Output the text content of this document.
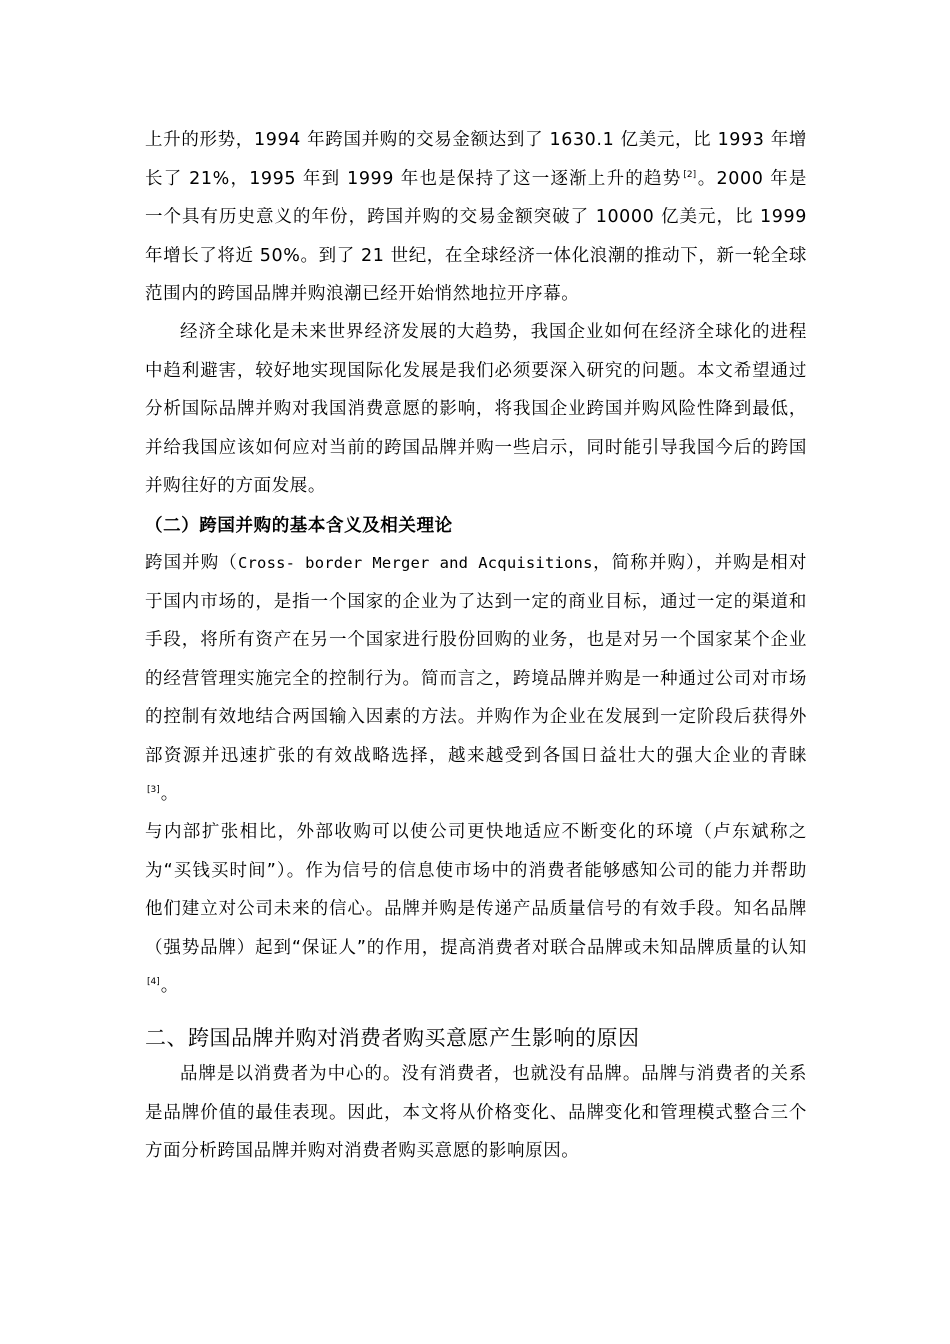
上升的形势，1994 年跨国并购的交易金额达到了 1630.1 亿美元，比 1993 年增长了 21%，1995 年到 1999 年也是保持了这一逐渐上升的趋势 [2]。2000 年是一个具有历史意义的年份，跨国并购的交易金额突破了 10000 亿美元，比 1999 年增长了将近 50%。到了 21 世纪，在全球经济一体化浪潮的推动下，新一轮全球范围内的跨国品牌并购浪潮已经开始悄然地拉开序幕。

经济全球化是未来世界经济发展的大趋势，我国企业如何在经济全球化的进程中趋利避害，较好地实现国际化发展是我们必须要深入研究的问题。本文希望通过分析国际品牌并购对我国消费意愿的影响，将我国企业跨国并购风险性降到最低，并给我国应该如何应对当前的跨国品牌并购一些启示，同时能引导我国今后的跨国并购往好的方面发展。

（二）跨国并购的基本含义及相关理论

跨国并购（Cross- border Merger and Acquisitions，简称并购），并购是相对于国内市场的，是指一个国家的企业为了达到一定的商业目标，通过一定的渠道和手段，将所有资产在另一个国家进行股份回购的业务，也是对另一个国家某个企业的经营管理实施完全的控制行为。简而言之，跨境品牌并购是一种通过公司对市场的控制有效地结合两国输入因素的方法。并购作为企业在发展到一定阶段后获得外部资源并迅速扩张的有效战略选择，越来越受到各国日益壮大的强大企业的青睐[3]。

与内部扩张相比，外部收购可以使公司更快地适应不断变化的环境（卢东斌称之为“买钱买时间”）。作为信号的信息使市场中的消费者能够感知公司的能力并帮助他们建立对公司未来的信心。品牌并购是传递产品质量信号的有效手段。知名品牌（强势品牌）起到“保证人”的作用，提高消费者对联合品牌或未知品牌质量的认知[4]。

二、跨国品牌并购对消费者购买意愿产生影响的原因

品牌是以消费者为中心的。没有消费者，也就没有品牌。品牌与消费者的关系是品牌价值的最佳表现。因此，本文将从价格变化、品牌变化和管理模式整合三个方面分析跨国品牌并购对消费者购买意愿的影响原因。
